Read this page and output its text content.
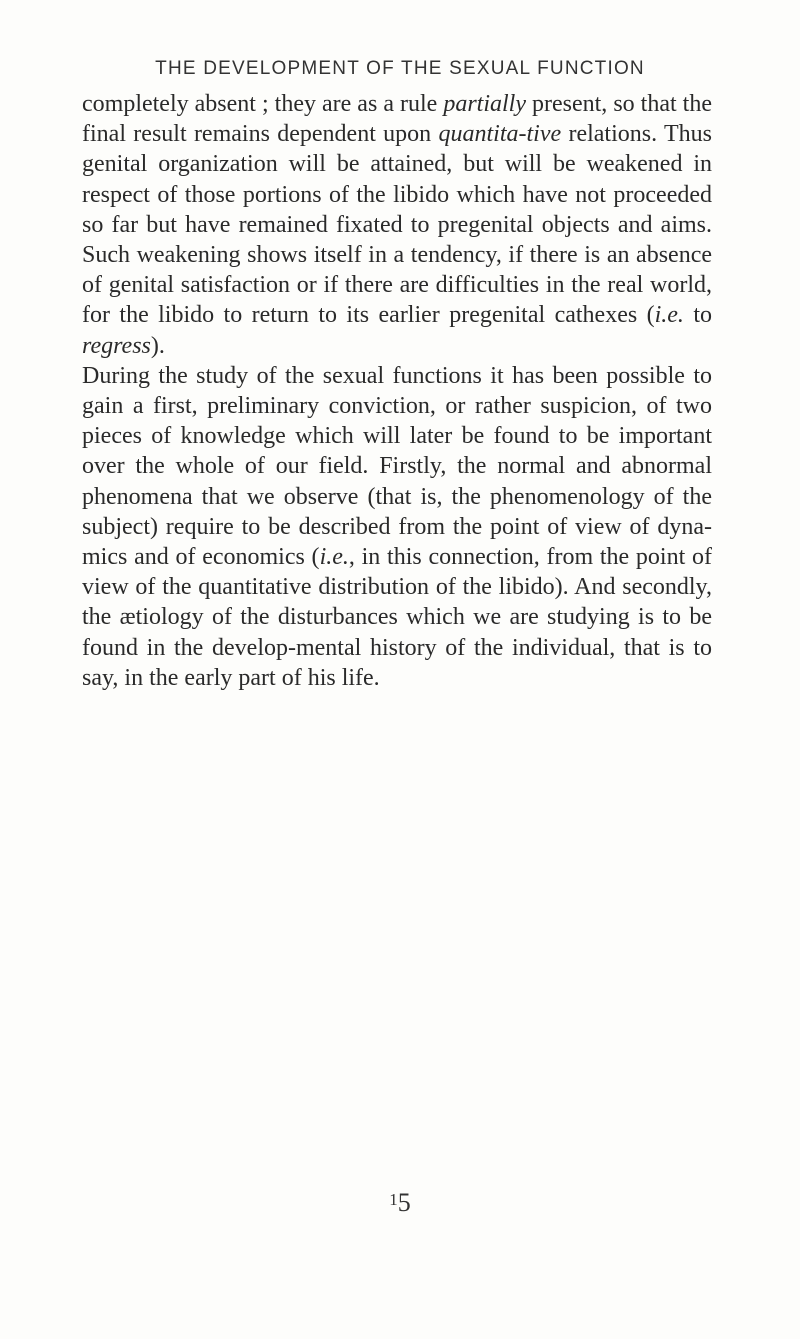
THE DEVELOPMENT OF THE SEXUAL FUNCTION

completely absent ; they are as a rule partially present, so that the final result remains dependent upon quantita-tive relations. Thus genital organization will be attained, but will be weakened in respect of those portions of the libido which have not proceeded so far but have remained fixated to pregenital objects and aims. Such weakening shows itself in a tendency, if there is an absence of genital satisfaction or if there are difficulties in the real world, for the libido to return to its earlier pregenital cathexes (i.e. to regress).

During the study of the sexual functions it has been possible to gain a first, preliminary conviction, or rather suspicion, of two pieces of knowledge which will later be found to be important over the whole of our field. Firstly, the normal and abnormal phenomena that we observe (that is, the phenomenology of the subject) require to be described from the point of view of dyna-mics and of economics (i.e., in this connection, from the point of view of the quantitative distribution of the libido). And secondly, the ætiology of the disturbances which we are studying is to be found in the develop-mental history of the individual, that is to say, in the early part of his life.

$^1$5
